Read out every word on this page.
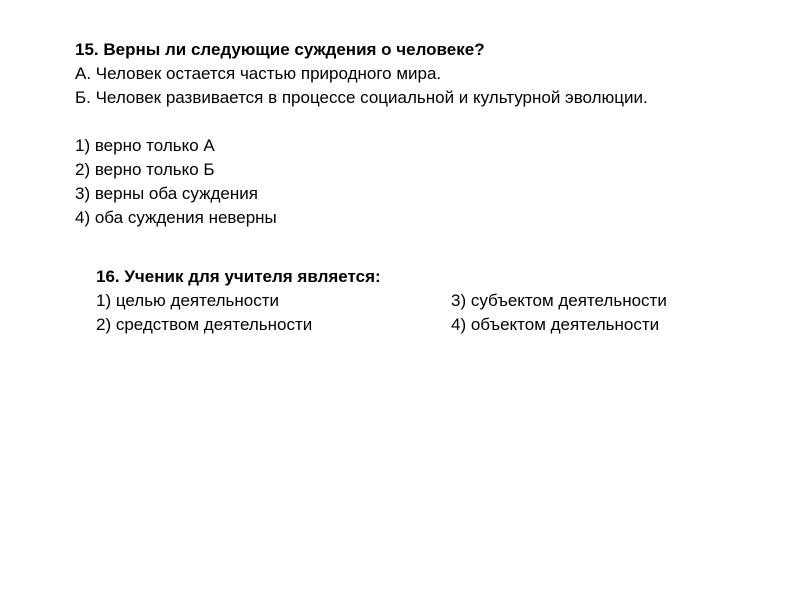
15. Верны ли следующие суждения о человеке?
А. Человек остается частью природного мира.
Б. Человек развивается в процессе социальной и культурной эволюции.
1) верно только А
2) верно только Б
3) верны оба суждения
4) оба суждения неверны
16. Ученик для учителя является:
1) целью деятельности	3) субъектом деятельности
2) средством деятельности	4) объектом деятельности
